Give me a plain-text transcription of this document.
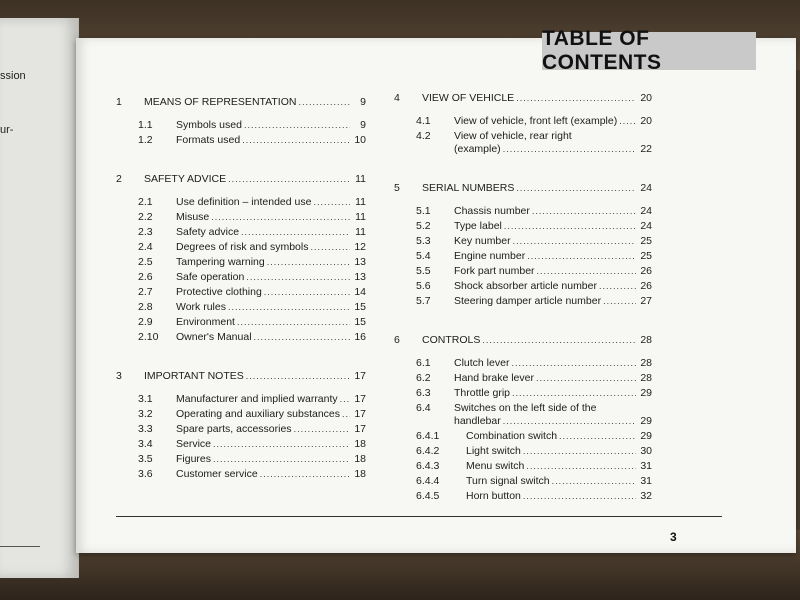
ssion
ur-
TABLE OF CONTENTS
1	MEANS OF REPRESENTATION .....	9
1.1	Symbols used .....	9
1.2	Formats used .....	10
2	SAFETY ADVICE .....	11
2.1	Use definition – intended use .....	11
2.2	Misuse .....	11
2.3	Safety advice .....	11
2.4	Degrees of risk and symbols .....	12
2.5	Tampering warning .....	13
2.6	Safe operation .....	13
2.7	Protective clothing .....	14
2.8	Work rules .....	15
2.9	Environment .....	15
2.10	Owner's Manual .....	16
3	IMPORTANT NOTES .....	17
3.1	Manufacturer and implied warranty ..... 17
3.2	Operating and auxiliary substances ..... 17
3.3	Spare parts, accessories .....	17
3.4	Service .....	18
3.5	Figures .....	18
3.6	Customer service .....	18
4	VIEW OF VEHICLE .....	20
4.1	View of vehicle, front left (example) ..... 20
4.2	View of vehicle, rear right
(example) .....	22
5	SERIAL NUMBERS .....	24
5.1	Chassis number .....	24
5.2	Type label .....	24
5.3	Key number .....	25
5.4	Engine number .....	25
5.5	Fork part number .....	26
5.6	Shock absorber article number .....	26
5.7	Steering damper article number .....	27
6	CONTROLS .....	28
6.1	Clutch lever .....	28
6.2	Hand brake lever .....	28
6.3	Throttle grip .....	29
6.4	Switches on the left side of the
handlebar .....	29
6.4.1	Combination switch .....	29
6.4.2	Light switch .....	30
6.4.3	Menu switch .....	31
6.4.4	Turn signal switch .....	31
6.4.5	Horn button .....	32
3
